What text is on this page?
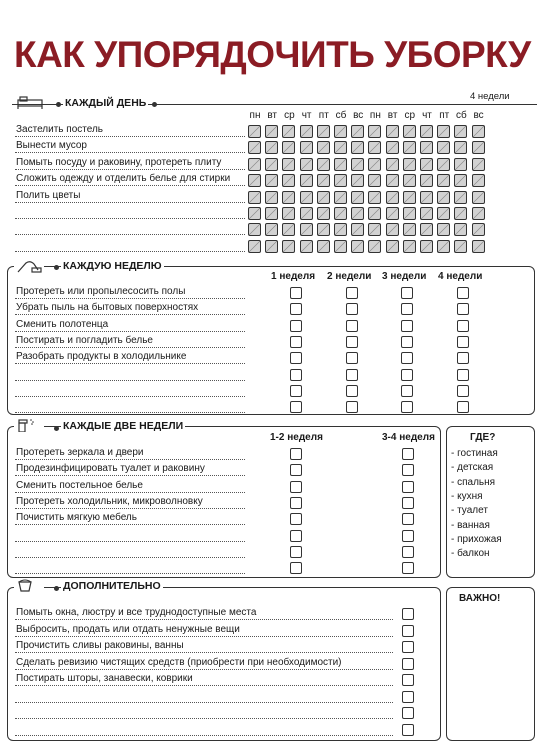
КАК УПОРЯДОЧИТЬ УБОРКУ
4 недели
КАЖДЫЙ ДЕНЬ
пн вт ср чт пт сб вс пн вт ср чт пт сб вс
Застелить постель
Вынести мусор
Помыть посуду и раковину, протереть плиту
Сложить одежду и отделить белье для стирки
Полить цветы
КАЖДУЮ НЕДЕЛЮ
1 неделя 2 недели 3 недели 4 недели
Протереть или пропылесосить полы
Убрать пыль на бытовых поверхностях
Сменить полотенца
Постирать и погладить белье
Разобрать продукты в холодильнике
КАЖДЫЕ ДВЕ НЕДЕЛИ
1-2 неделя	3-4 неделя
Протереть зеркала и двери
Продезинфицировать туалет и раковину
Сменить постельное белье
Протереть холодильник, микроволновку
Почистить мягкую мебель
ГДЕ?
- гостиная
- детская
- спальня
- кухня
- туалет
- ванная
- прихожая
- балкон
ДОПОЛНИТЕЛЬНО
Помыть окна, люстру и все труднодоступные места
Выбросить, продать или отдать ненужные вещи
Прочистить сливы раковины, ванны
Сделать ревизию чистящих средств (приобрести при необходимости)
Постирать шторы, занавески, коврики
ВАЖНО!
